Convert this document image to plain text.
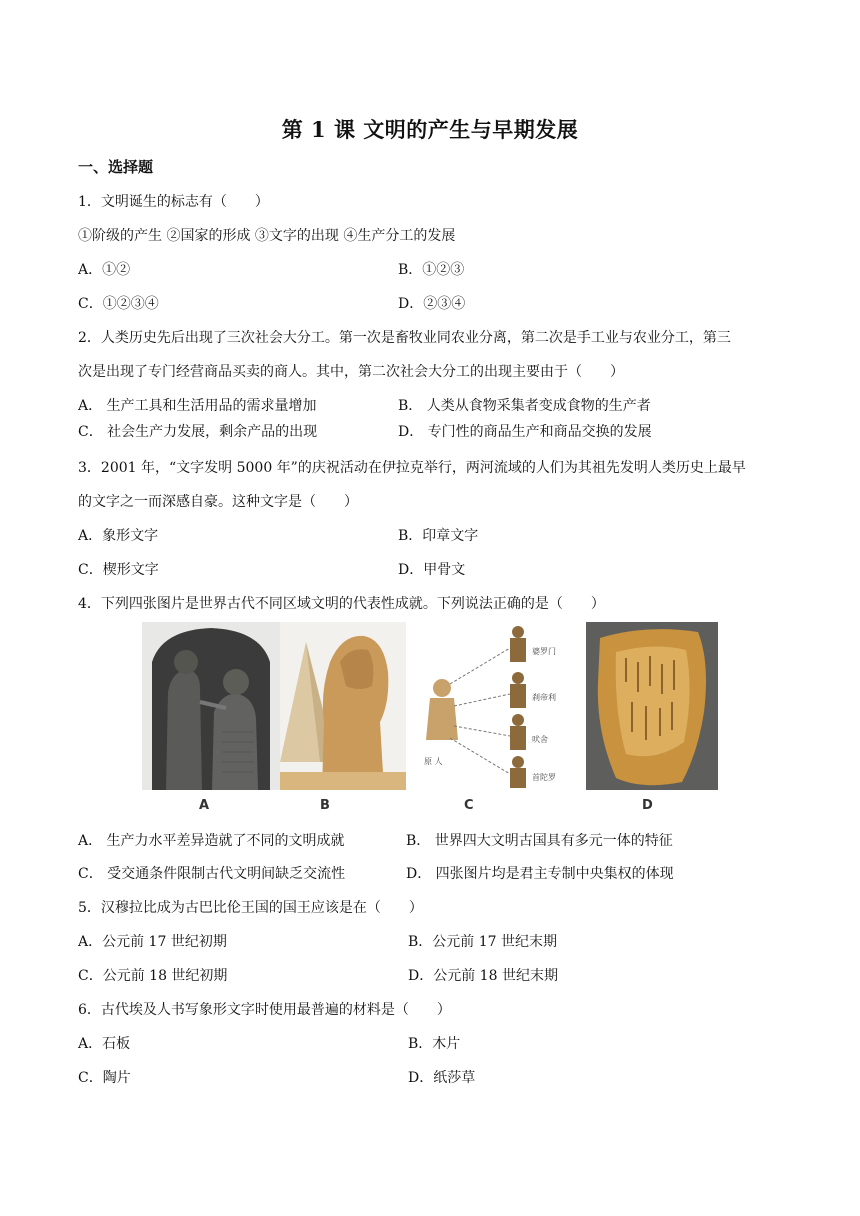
第 1 课 文明的产生与早期发展
一、选择题
1．文明诞生的标志有（　　）
①阶级的产生 ②国家的形成 ③文字的出现 ④生产分工的发展
A．①②	B．①②③
C．①②③④	D．②③④
2．人类历史先后出现了三次社会大分工。第一次是畜牧业同农业分离，第二次是手工业与农业分工，第三
次是出现了专门经营商品买卖的商人。其中，第二次社会大分工的出现主要由于（　　）
A． 生产工具和生活用品的需求量增加	B． 人类从食物采集者变成食物的生产者
C． 社会生产力发展，剩余产品的出现	D． 专门性的商品生产和商品交换的发展
3．2001 年，“文字发明 5000 年”的庆祝活动在伊拉克举行，两河流域的人们为其祖先发明人类历史上最早
的文字之一而深感自豪。这种文字是（　　）
A．象形文字	B．印章文字
C．楔形文字	D．甲骨文
4．下列四张图片是世界古代不同区域文明的代表性成就。下列说法正确的是（　　）
婆罗门
刹帝利
吠舍
首陀罗
原 人
A	B	C	D
A． 生产力水平差异造就了不同的文明成就	B． 世界四大文明古国具有多元一体的特征
C． 受交通条件限制古代文明间缺乏交流性	D． 四张图片均是君主专制中央集权的体现
5．汉穆拉比成为古巴比伦王国的国王应该是在（　　）
A．公元前 17 世纪初期	B．公元前 17 世纪末期
C．公元前 18 世纪初期	D．公元前 18 世纪末期
6．古代埃及人书写象形文字时使用最普遍的材料是（　　）
A．石板	B．木片
C．陶片	D．纸莎草
